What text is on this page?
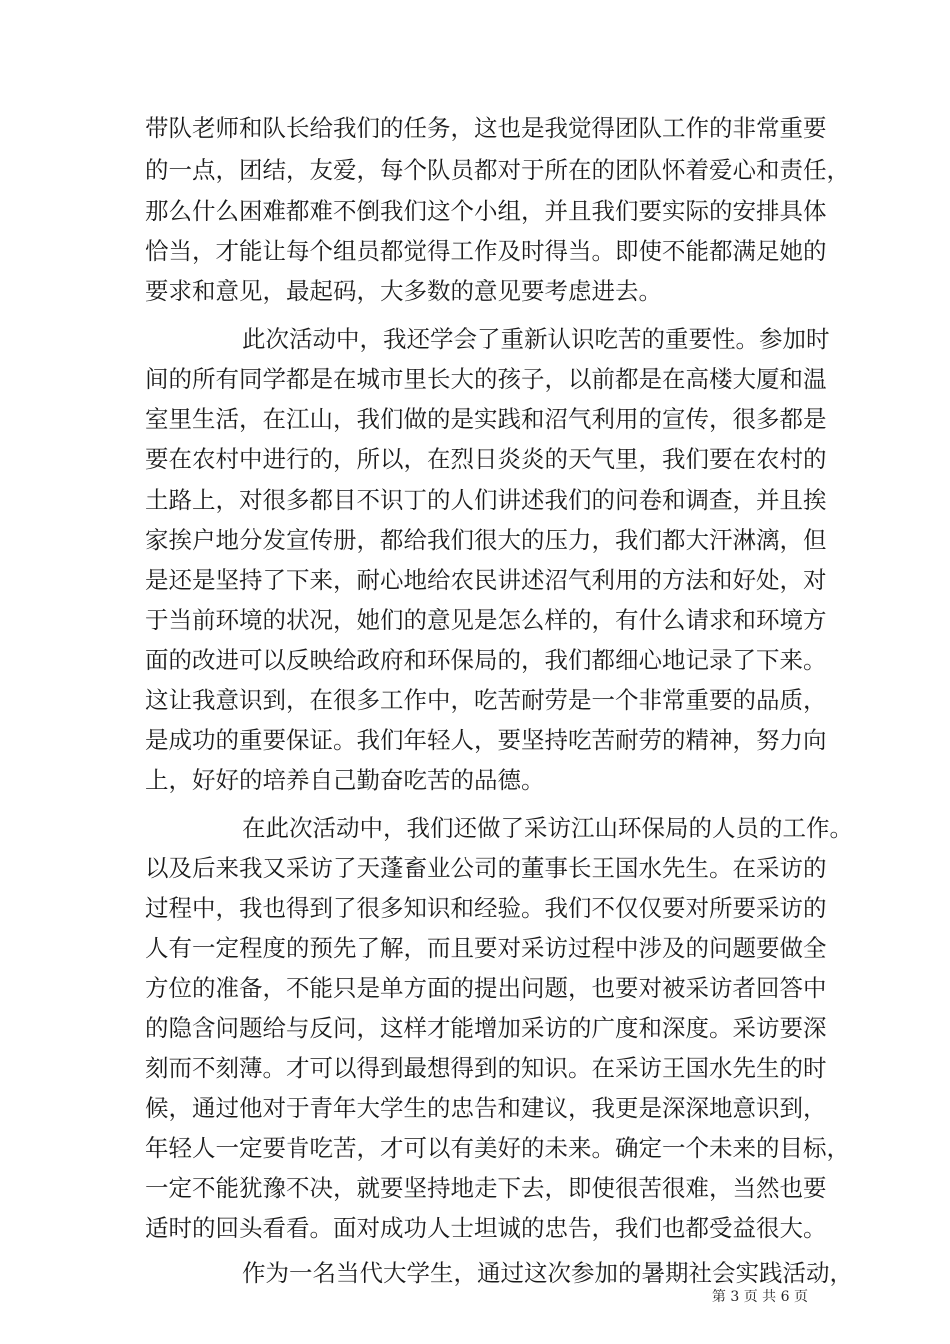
带队老师和队长给我们的任务，这也是我觉得团队工作的非常重要
的一点，团结，友爱，每个队员都对于所在的团队怀着爱心和责任，
那么什么困难都难不倒我们这个小组，并且我们要实际的安排具体
恰当，才能让每个组员都觉得工作及时得当。即使不能都满足她的
要求和意见，最起码，大多数的意见要考虑进去。
此次活动中，我还学会了重新认识吃苦的重要性。参加时
间的所有同学都是在城市里长大的孩子，以前都是在高楼大厦和温
室里生活，在江山，我们做的是实践和沼气利用的宣传，很多都是
要在农村中进行的，所以，在烈日炎炎的天气里，我们要在农村的
土路上，对很多都目不识丁的人们讲述我们的问卷和调查，并且挨
家挨户地分发宣传册，都给我们很大的压力，我们都大汗淋漓，但
是还是坚持了下来，耐心地给农民讲述沼气利用的方法和好处，对
于当前环境的状况，她们的意见是怎么样的，有什么请求和环境方
面的改进可以反映给政府和环保局的，我们都细心地记录了下来。
这让我意识到，在很多工作中，吃苦耐劳是一个非常重要的品质，
是成功的重要保证。我们年轻人，要坚持吃苦耐劳的精神，努力向
上，好好的培养自己勤奋吃苦的品德。
在此次活动中，我们还做了采访江山环保局的人员的工作。
以及后来我又采访了天蓬畜业公司的董事长王国水先生。在采访的
过程中，我也得到了很多知识和经验。我们不仅仅要对所要采访的
人有一定程度的预先了解，而且要对采访过程中涉及的问题要做全
方位的准备，不能只是单方面的提出问题，也要对被采访者回答中
的隐含问题给与反问，这样才能增加采访的广度和深度。采访要深
刻而不刻薄。才可以得到最想得到的知识。在采访王国水先生的时
候，通过他对于青年大学生的忠告和建议，我更是深深地意识到，
年轻人一定要肯吃苦，才可以有美好的未来。确定一个未来的目标，
一定不能犹豫不决，就要坚持地走下去，即使很苦很难，当然也要
适时的回头看看。面对成功人士坦诚的忠告，我们也都受益很大。
作为一名当代大学生，通过这次参加的暑期社会实践活动，
第 3 页 共 6 页
